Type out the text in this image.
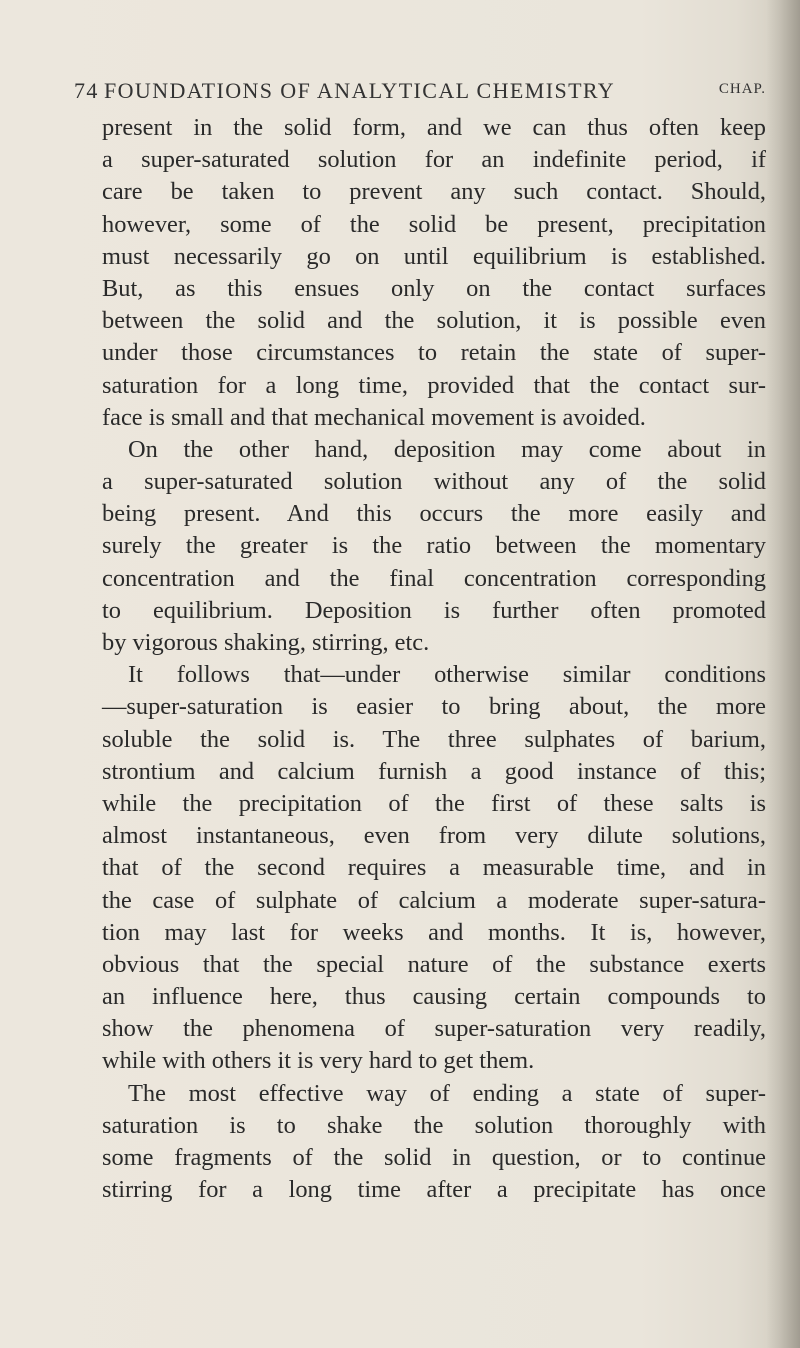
74 FOUNDATIONS OF ANALYTICAL CHEMISTRY	CHAP.
present in the solid form, and we can thus often keep
a super-saturated solution for an indefinite period, if
care be taken to prevent any such contact. Should,
however, some of the solid be present, precipitation
must necessarily go on until equilibrium is established.
But, as this ensues only on the contact surfaces
between the solid and the solution, it is possible even
under those circumstances to retain the state of super-
saturation for a long time, provided that the contact sur-
face is small and that mechanical movement is avoided.
On the other hand, deposition may come about in
a super-saturated solution without any of the solid
being present. And this occurs the more easily and
surely the greater is the ratio between the momentary
concentration and the final concentration corresponding
to equilibrium. Deposition is further often promoted
by vigorous shaking, stirring, etc.
It follows that—under otherwise similar conditions
—super-saturation is easier to bring about, the more
soluble the solid is. The three sulphates of barium,
strontium and calcium furnish a good instance of this;
while the precipitation of the first of these salts is
almost instantaneous, even from very dilute solutions,
that of the second requires a measurable time, and in
the case of sulphate of calcium a moderate super-satura-
tion may last for weeks and months. It is, however,
obvious that the special nature of the substance exerts
an influence here, thus causing certain compounds to
show the phenomena of super-saturation very readily,
while with others it is very hard to get them.
The most effective way of ending a state of super-
saturation is to shake the solution thoroughly with
some fragments of the solid in question, or to continue
stirring for a long time after a precipitate has once
